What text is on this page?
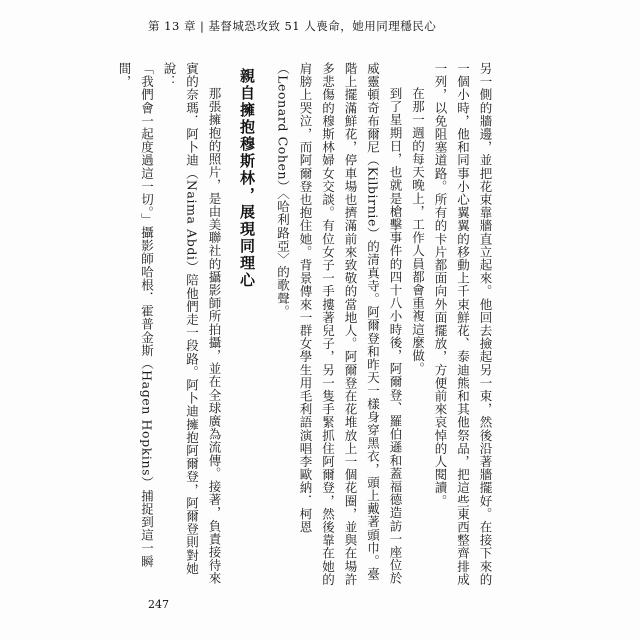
第 13 章 | 基督城恐攻致 51 人喪命，她用同理穩民心

另一側的牆邊，並把花束靠牆直立起來。他回去撿起另一束，然後沿著牆擺好。在接下來的一個小時，他和同事小心翼翼的移動上千束鮮花、泰迪熊和其他祭品，把這些東西整齊排成一列，以免阻塞道路。所有的卡片都面向外面擺放，方便前來哀悼的人閱讀。

在那一週的每天晚上，工作人員都會重複這麼做。

到了星期日，也就是槍擊事件的四十八小時後，阿爾登、羅伯遜和蓋福德造訪一座位於威靈頓奇布爾尼（Kilbirnie）的清真寺。阿爾登和昨天一樣身穿黑衣，頭上戴著頭巾。臺階上擺滿鮮花，停車場也擠滿前來致敬的當地人。阿爾登在花堆放上一個花圈，並與在場許多悲傷的穆斯林婦女交談。有位女子一手摟著兒子，另一隻手緊抓住阿爾登，然後靠在她的肩膀上哭泣，而阿爾登也抱住她。背景傳來一群女學生用毛利語演唱李歐納．柯恩（Leonard Cohen）〈哈利路亞〉的歌聲。

親自擁抱穆斯林，展現同理心

那張擁抱的照片，是由美聯社的攝影師所拍攝，並在全球廣為流傳。接著，負責接待來賓的奈瑪．阿卜迪（Naima Abdi）陪他們走一段路。阿卜迪擁抱阿爾登，阿爾登則對她說：

「我們會一起度過這一切。」攝影師哈根．霍普金斯（Hagen Hopkins）捕捉到這一瞬間，

247
